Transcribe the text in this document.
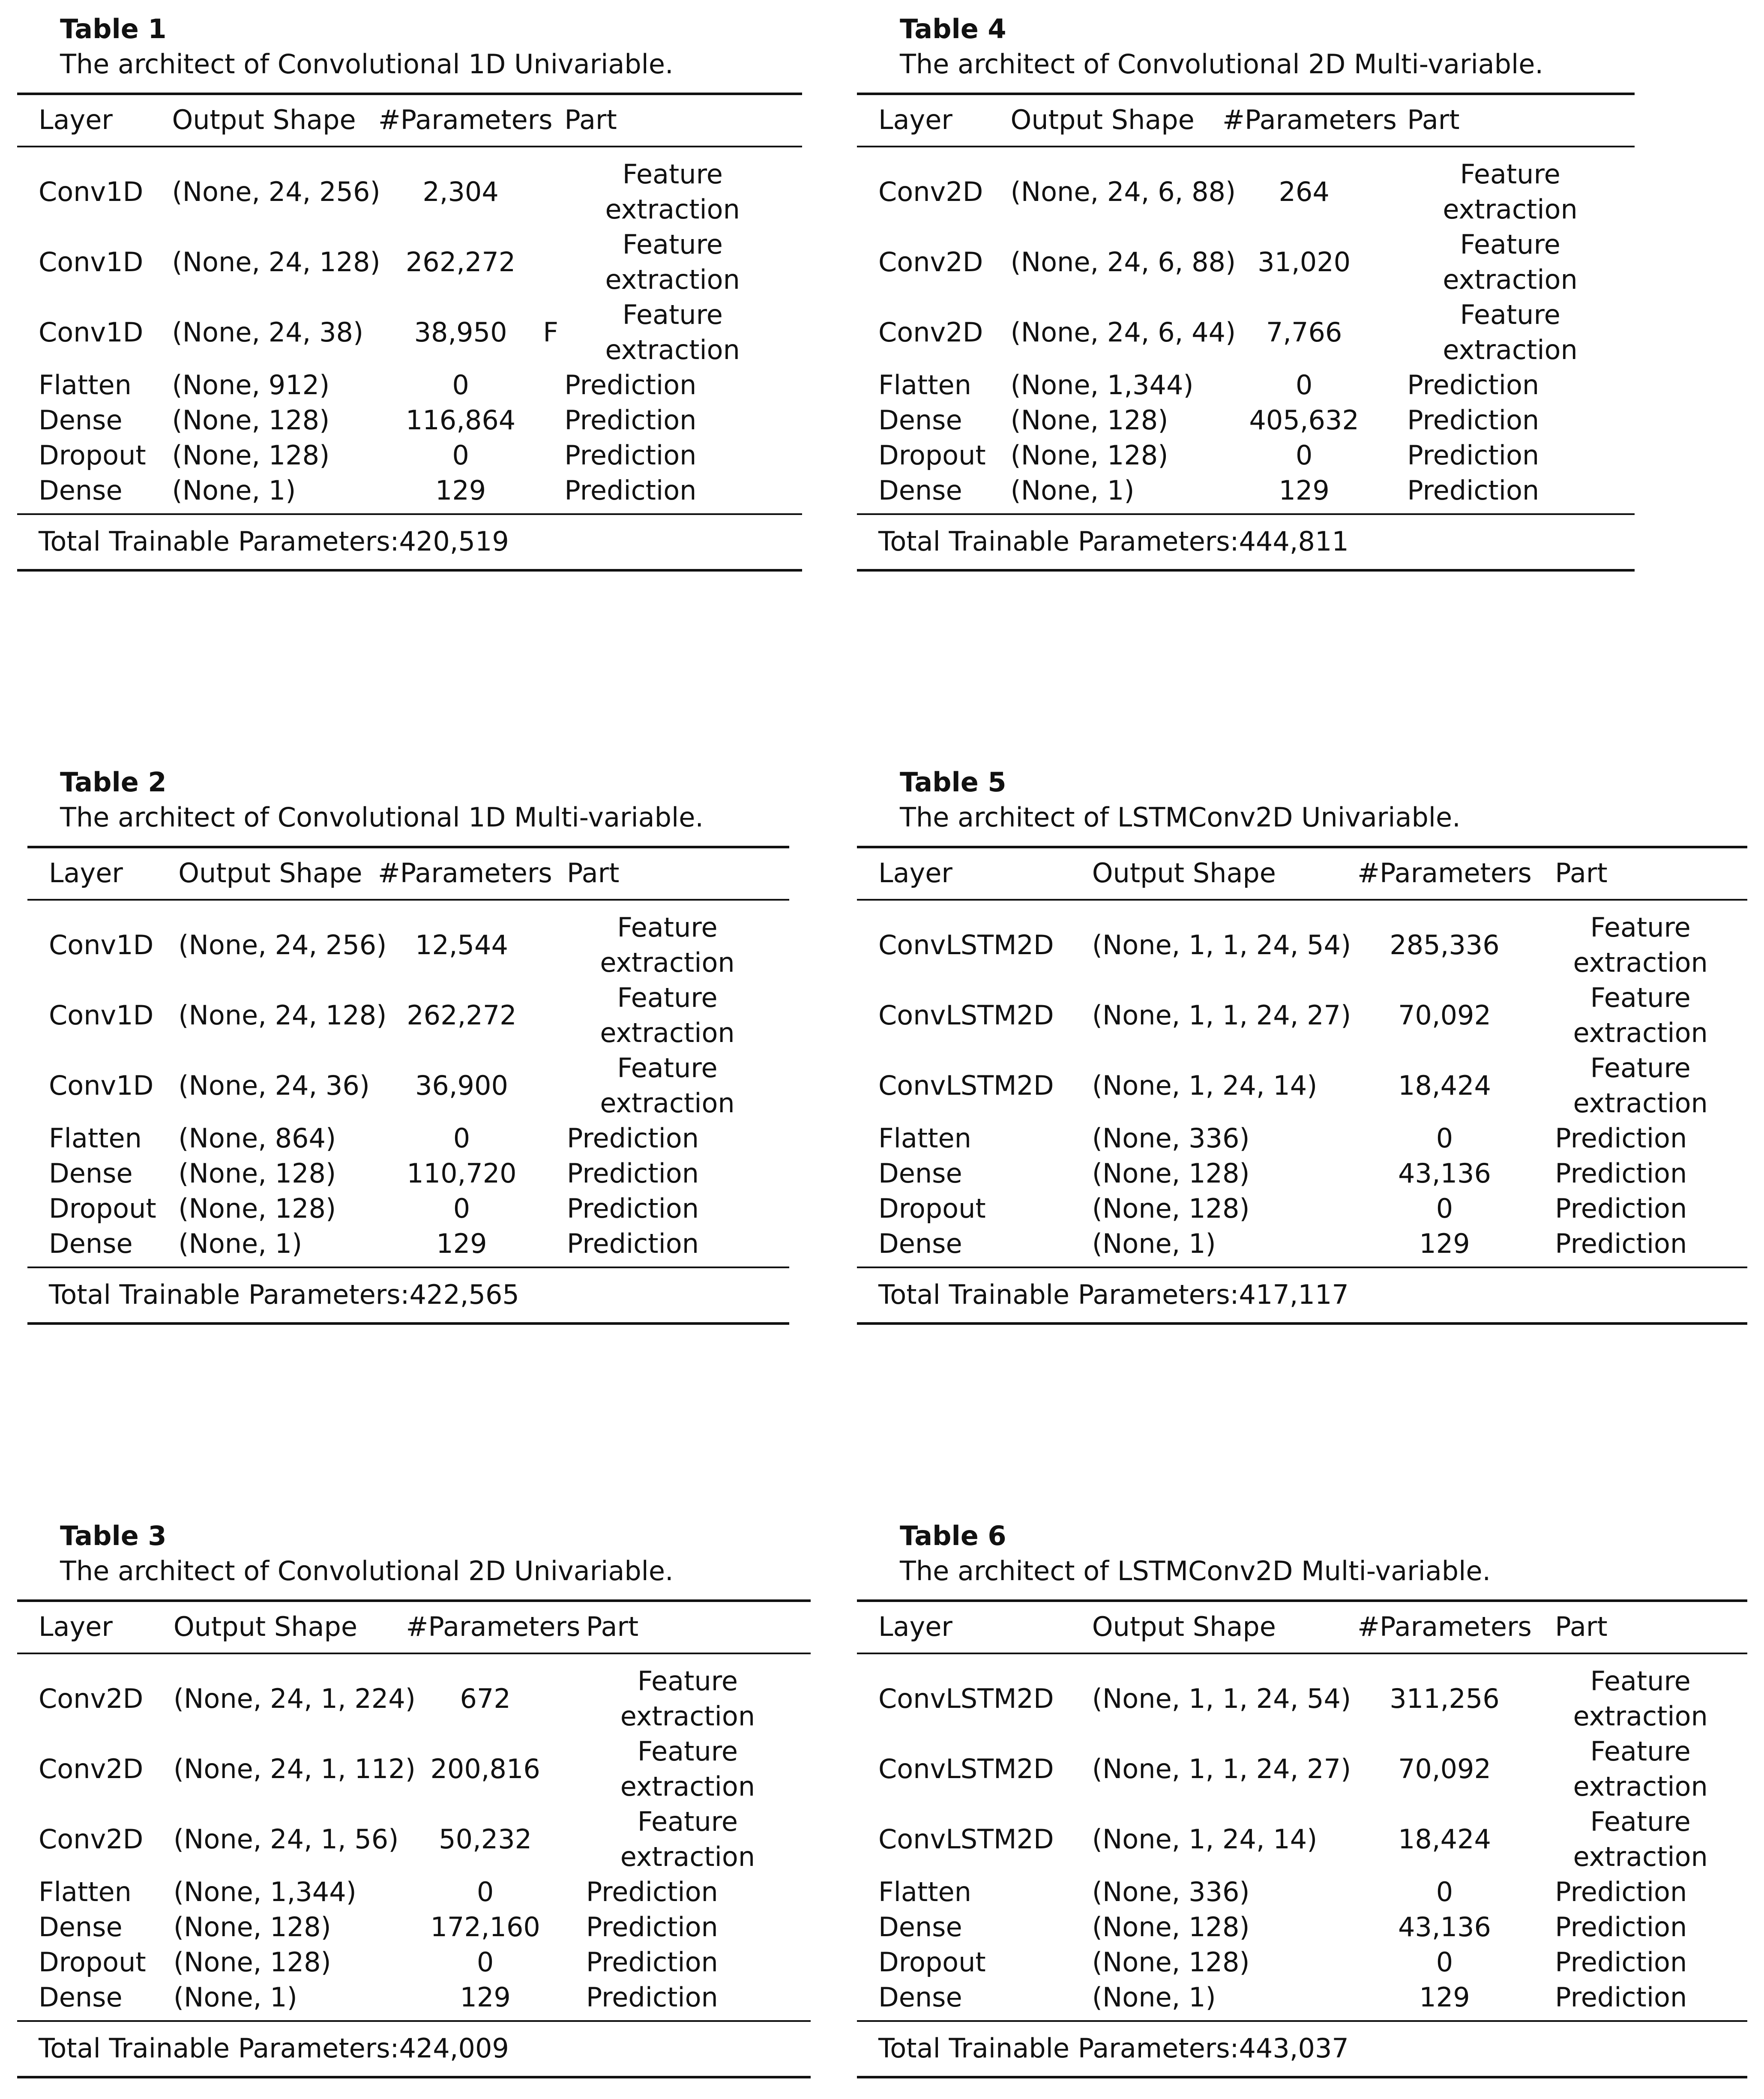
Table 1
The architect of Convolutional 1D Univariable.
Layer	Output Shape	#Parameters	Part
Conv1D	(None, 24, 256)	2,304	Feature
extraction

Conv1D	(None, 24, 128)	262,272	Feature
extraction

Conv1D	(None, 24, 38)	38,950	F
Feature
extraction

Flatten	(None, 912)	0	Prediction
Dense	(None, 128)	116,864	Prediction
Dropout	(None, 128)	0	Prediction
Dense	(None, 1)	129	Prediction
Total Trainable Parameters:420,519			
Table 4
The architect of Convolutional 2D Multi-variable.
Layer	Output Shape	#Parameters	Part
Conv2D	(None, 24, 6, 88)	264	Feature
extraction

Conv2D	(None, 24, 6, 88)	31,020	Feature
extraction

Conv2D	(None, 24, 6, 44)	7,766	Feature
extraction

Flatten	(None, 1,344)	0	Prediction
Dense	(None, 128)	405,632	Prediction
Dropout	(None, 128)	0	Prediction
Dense	(None, 1)	129	Prediction
Total Trainable Parameters:444,811			
Table 2
The architect of Convolutional 1D Multi-variable.
Layer	Output Shape	#Parameters	Part
Conv1D	(None, 24, 256)	12,544	Feature
extraction

Conv1D	(None, 24, 128)	262,272	Feature
extraction

Conv1D	(None, 24, 36)	36,900	Feature
extraction

Flatten	(None, 864)	0	Prediction
Dense	(None, 128)	110,720	Prediction
Dropout	(None, 128)	0	Prediction
Dense	(None, 1)	129	Prediction
Total Trainable Parameters:422,565			
Table 5
The architect of LSTMConv2D Univariable.
Layer	Output Shape	#Parameters	Part
ConvLSTM2D	(None, 1, 1, 24, 54)	285,336	Feature
extraction

ConvLSTM2D	(None, 1, 1, 24, 27)	70,092	Feature
extraction

ConvLSTM2D	(None, 1, 24, 14)	18,424	Feature
extraction

Flatten	(None, 336)	0	Prediction
Dense	(None, 128)	43,136	Prediction
Dropout	(None, 128)	0	Prediction
Dense	(None, 1)	129	Prediction
Total Trainable Parameters:417,117			
Table 3
The architect of Convolutional 2D Univariable.
Layer	Output Shape	#Parameters	Part
Conv2D	(None, 24, 1, 224)	672	Feature
extraction

Conv2D	(None, 24, 1, 112)	200,816	Feature
extraction

Conv2D	(None, 24, 1, 56)	50,232	Feature
extraction

Flatten	(None, 1,344)	0	Prediction
Dense	(None, 128)	172,160	Prediction
Dropout	(None, 128)	0	Prediction
Dense	(None, 1)	129	Prediction
Total Trainable Parameters:424,009			
Table 6
The architect of LSTMConv2D Multi-variable.
Layer	Output Shape	#Parameters	Part
ConvLSTM2D	(None, 1, 1, 24, 54)	311,256	Feature
extraction

ConvLSTM2D	(None, 1, 1, 24, 27)	70,092	Feature
extraction

ConvLSTM2D	(None, 1, 24, 14)	18,424	Feature
extraction

Flatten	(None, 336)	0	Prediction
Dense	(None, 128)	43,136	Prediction
Dropout	(None, 128)	0	Prediction
Dense	(None, 1)	129	Prediction
Total Trainable Parameters:443,037			
